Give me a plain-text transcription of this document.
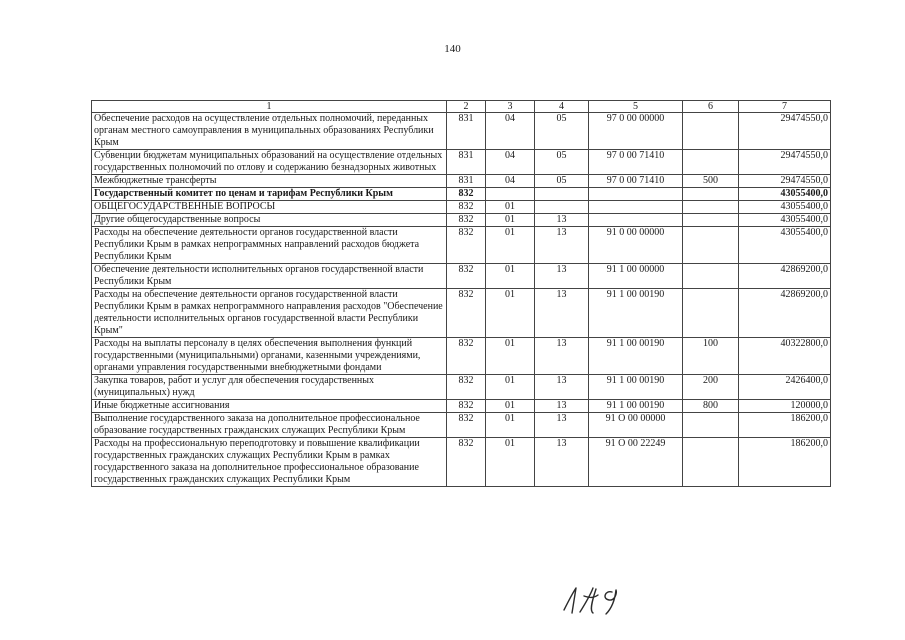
140
1	2	3	4	5	6	7
Обеспечение расходов на осуществление отдельных полномочий, переданных органам местного самоуправления в муниципальных образованиях Республики Крым	831	04	05	97 0 00 00000		29474550,0
Субвенции бюджетам муниципальных образований на осуществление отдельных государственных полномочий по отлову и содержанию безнадзорных животных	831	04	05	97 0 00 71410		29474550,0
Межбюджетные трансферты	831	04	05	97 0 00 71410	500	29474550,0
Государственный комитет по ценам и тарифам Республики Крым	832					43055400,0
ОБЩЕГОСУДАРСТВЕННЫЕ ВОПРОСЫ	832	01				43055400,0
Другие общегосударственные вопросы	832	01	13			43055400,0
Расходы на обеспечение деятельности органов государственной власти Республики Крым в рамках непрограммных направлений расходов бюджета Республики Крым	832	01	13	91 0 00 00000		43055400,0
Обеспечение деятельности исполнительных органов государственной власти Республики Крым	832	01	13	91 1 00 00000		42869200,0
Расходы на обеспечение деятельности органов государственной власти Республики Крым в рамках непрограммного направления расходов "Обеспечение деятельности исполнительных органов государственной власти Республики Крым"	832	01	13	91 1 00 00190		42869200,0
Расходы на выплаты персоналу в целях обеспечения выполнения функций государственными (муниципальными) органами, казенными учреждениями, органами управления государственными внебюджетными фондами	832	01	13	91 1 00 00190	100	40322800,0
Закупка товаров, работ и услуг для обеспечения государственных (муниципальных) нужд	832	01	13	91 1 00 00190	200	2426400,0
Иные бюджетные ассигнования	832	01	13	91 1 00 00190	800	120000,0
Выполнение государственного заказа на дополнительное профессиональное образование государственных гражданских служащих Республики Крым	832	01	13	91 О 00 00000		186200,0
Расходы на профессиональную переподготовку и повышение квалификации государственных гражданских служащих Республики Крым в рамках государственного заказа на дополнительное профессиональное образование государственных гражданских служащих Республики Крым	832	01	13	91 О 00 22249		186200,0
